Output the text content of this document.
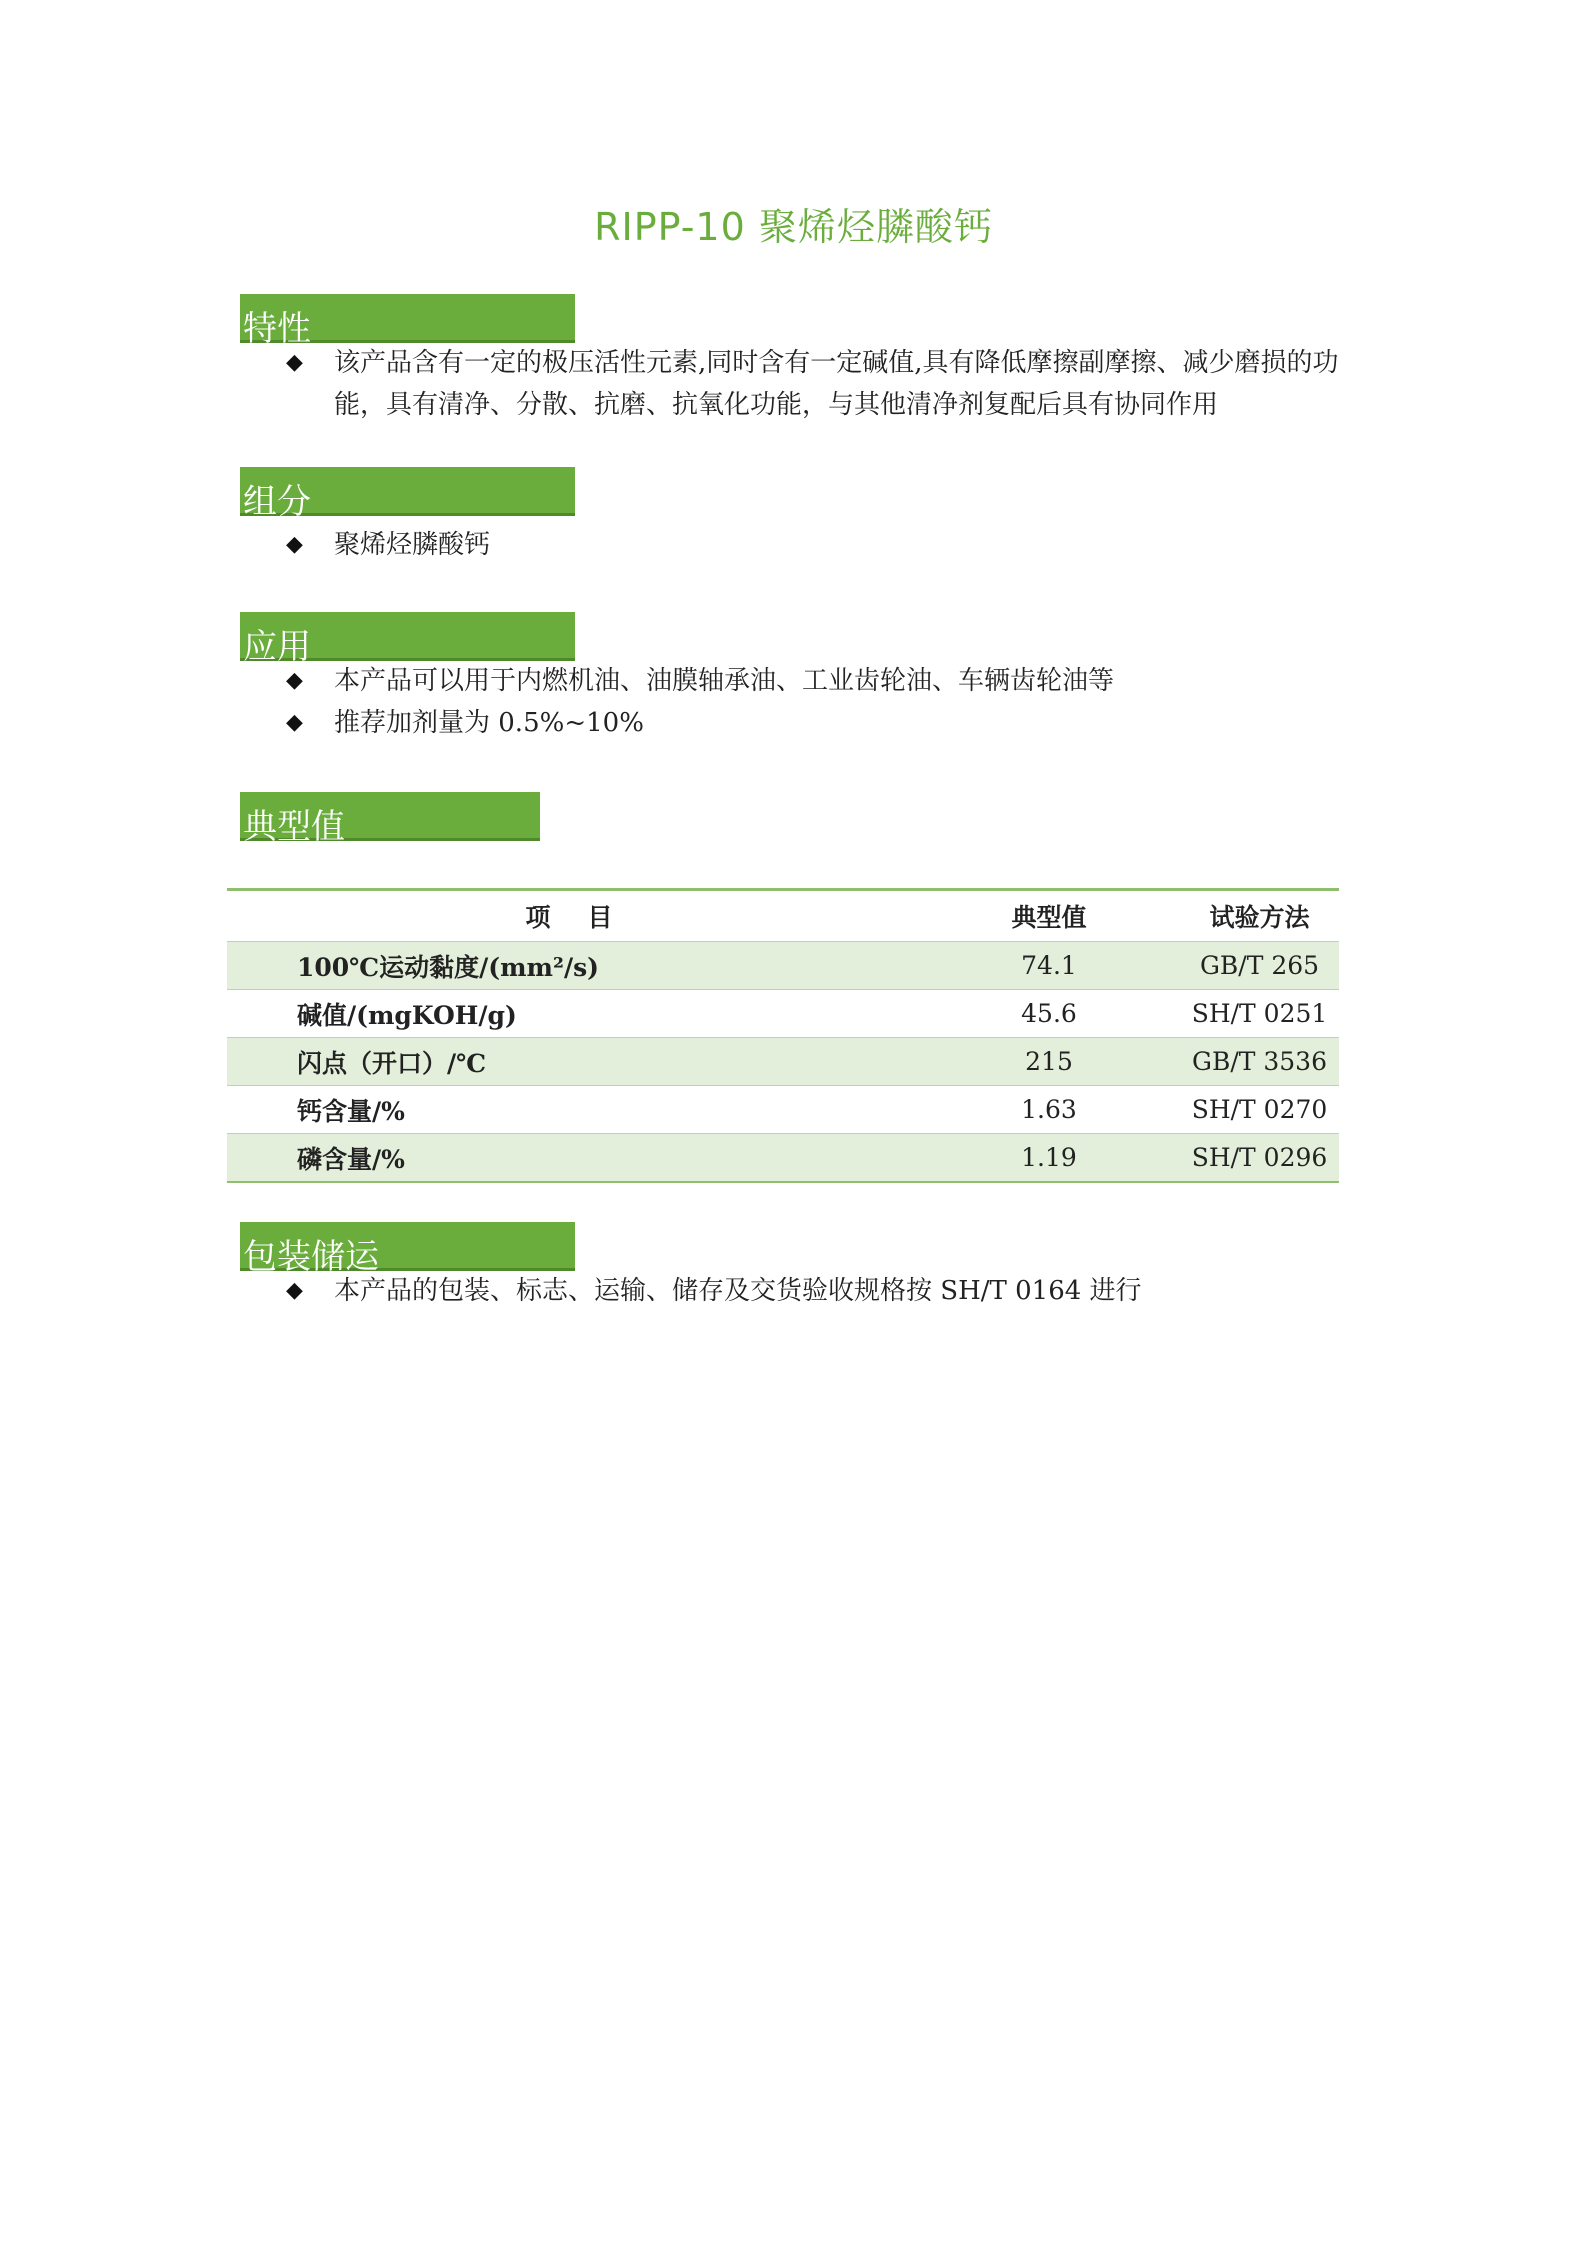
RIPP-10 聚烯烃膦酸钙
特性
◆ 该产品含有一定的极压活性元素,同时含有一定碱值,具有降低摩擦副摩擦、减少磨损的功能，具有清净、分散、抗磨、抗氧化功能，与其他清净剂复配后具有协同作用
组分
◆ 聚烯烃膦酸钙
应用
◆ 本产品可以用于内燃机油、油膜轴承油、工业齿轮油、车辆齿轮油等
◆ 推荐加剂量为 0.5%~10%
典型值
项　目	典型值	试验方法
100℃运动黏度/(mm²/s)	74.1	GB/T 265
碱值/(mgKOH/g)	45.6	SH/T 0251
闪点（开口）/℃	215	GB/T 3536
钙含量/%	1.63	SH/T 0270
磷含量/%	1.19	SH/T 0296
包装储运
◆ 本产品的包装、标志、运输、储存及交货验收规格按 SH/T 0164 进行
